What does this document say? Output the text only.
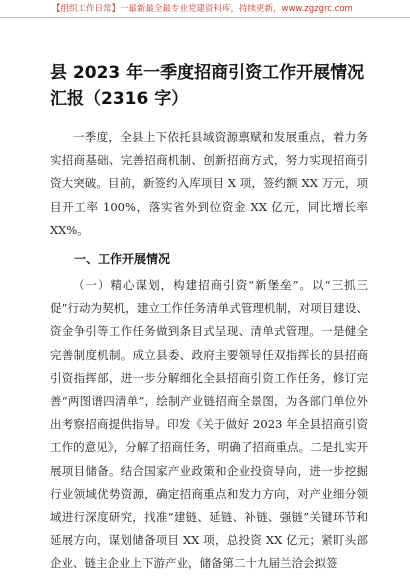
【组织工作日常】一最新最全最专业党建资料库，持续更新，www.zgzgrc.com
县 2023 年一季度招商引资工作开展情况汇报（2316 字）

一季度，全县上下依托县域资源禀赋和发展重点，着力务实招商基础、完善招商机制、创新招商方式，努力实现招商引资大突破。目前，新签约入库项目 X 项，签约额 XX 万元，项目开工率 100%，落实省外到位资金 XX 亿元，同比增长率 XX%。

一、工作开展情况

（一）精心谋划，构建招商引资“新堡垒”。以“三抓三促”行动为契机，建立工作任务清单式管理机制，对项目建设、资金争引等工作任务做到条目式呈现、清单式管理。一是健全完善制度机制。成立县委、政府主要领导任双指挥长的县招商引资指挥部，进一步分解细化全县招商引资工作任务，修订完善“两图谱四清单”，绘制产业链招商全景图，为各部门单位外出考察招商提供指导。印发《关于做好 2023 年全县招商引资工作的意见》，分解了招商任务，明确了招商重点。二是扎实开展项目储备。结合国家产业政策和企业投资导向，进一步挖掘行业领域优势资源，确定招商重点和发力方向，对产业细分领域进行深度研究，找准“建链、延链、补链、强链”关键环节和延展方向，谋划储备项目 XX 项，总投资 XX 亿元；紧盯头部企业、链主企业上下游产业，储备第二十九届兰洽会拟签
